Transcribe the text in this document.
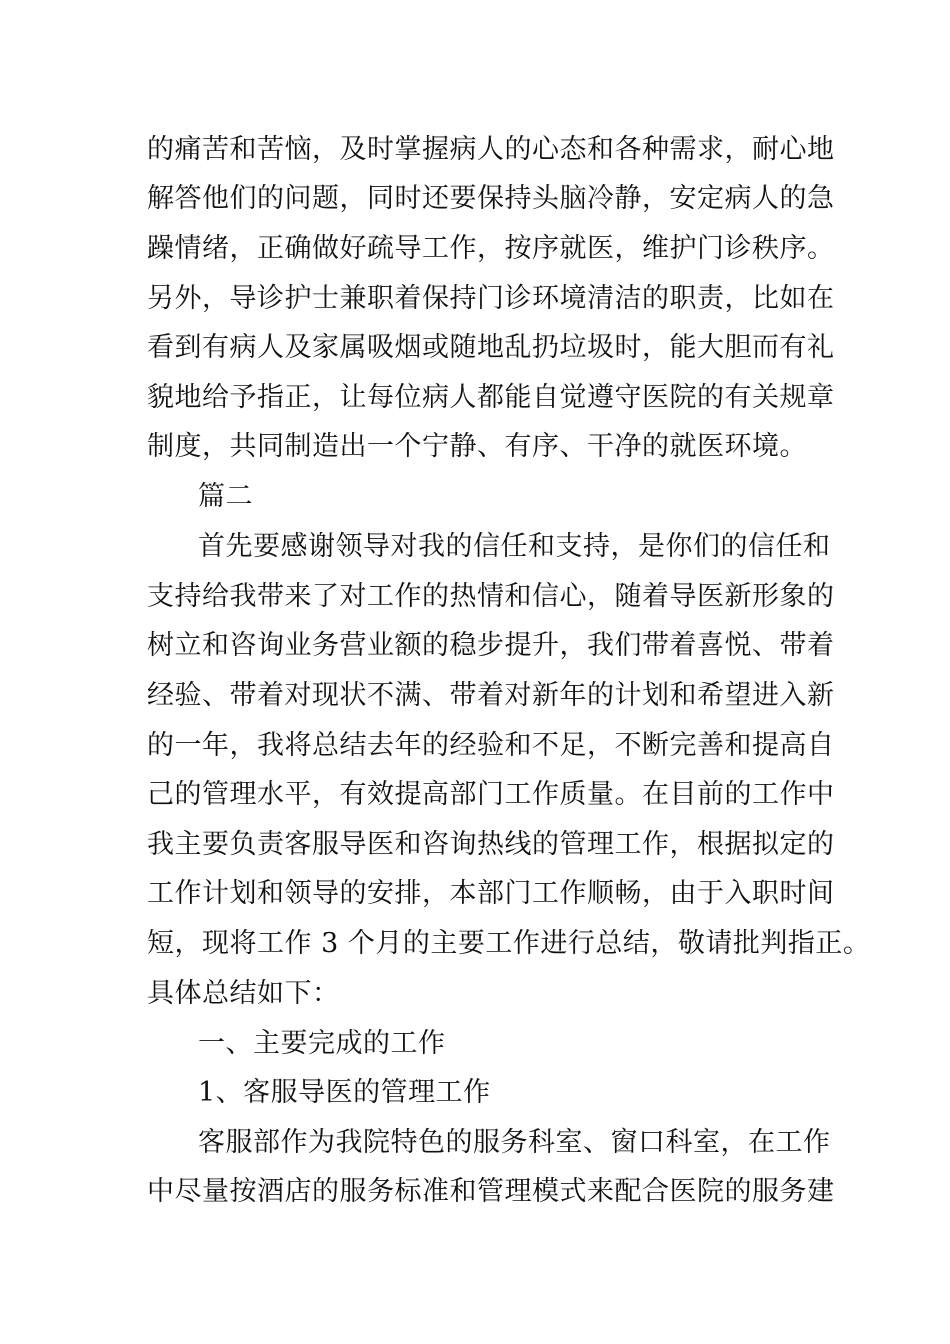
的痛苦和苦恼，及时掌握病人的心态和各种需求，耐心地
解答他们的问题，同时还要保持头脑冷静，安定病人的急
躁情绪，正确做好疏导工作，按序就医，维护门诊秩序。
另外，导诊护士兼职着保持门诊环境清洁的职责，比如在
看到有病人及家属吸烟或随地乱扔垃圾时，能大胆而有礼
貌地给予指正，让每位病人都能自觉遵守医院的有关规章
制度，共同制造出一个宁静、有序、干净的就医环境。
篇二
首先要感谢领导对我的信任和支持，是你们的信任和
支持给我带来了对工作的热情和信心，随着导医新形象的
树立和咨询业务营业额的稳步提升，我们带着喜悦、带着
经验、带着对现状不满、带着对新年的计划和希望进入新
的一年，我将总结去年的经验和不足，不断完善和提高自
己的管理水平，有效提高部门工作质量。在目前的工作中
我主要负责客服导医和咨询热线的管理工作，根据拟定的
工作计划和领导的安排，本部门工作顺畅，由于入职时间
短，现将工作 3 个月的主要工作进行总结，敬请批判指正。
具体总结如下：
一、主要完成的工作
1、客服导医的管理工作
客服部作为我院特色的服务科室、窗口科室，在工作
中尽量按酒店的服务标准和管理模式来配合医院的服务建
